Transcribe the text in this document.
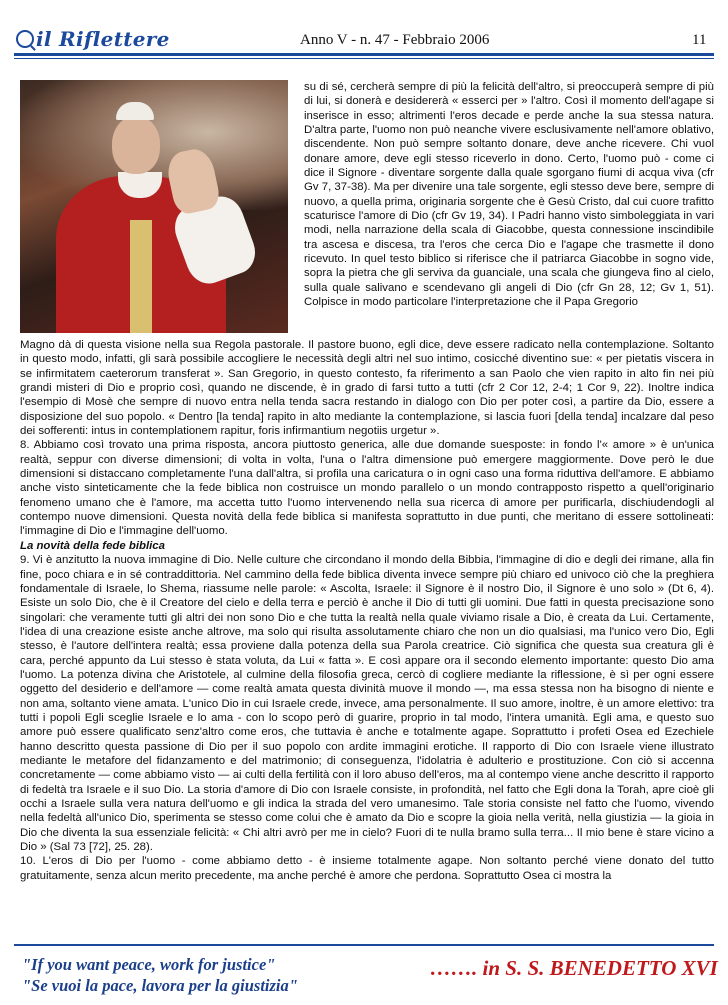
il Riflettere	Anno V - n. 47 - Febbraio 2006	11

su di sé, cercherà sempre di più la felicità dell'altro, si preoccuperà sempre di più di lui, si donerà e desidererà « esserci per » l'altro. Così il momento dell'agape si inserisce in esso; altrimenti l'eros decade e perde anche la sua stessa natura. D'altra parte, l'uomo non può neanche vivere esclusivamente nell'amore oblativo, discendente. Non può sempre soltanto donare, deve anche ricevere. Chi vuol donare amore, deve egli stesso riceverlo in dono. Certo, l'uomo può - come ci dice il Signore - diventare sorgente dalla quale sgorgano fiumi di acqua viva (cfr Gv 7, 37-38). Ma per divenire una tale sorgente, egli stesso deve bere, sempre di nuovo, a quella prima, originaria sorgente che è Gesù Cristo, dal cui cuore trafitto scaturisce l'amore di Dio (cfr Gv 19, 34). I Padri hanno visto simboleggiata in vari modi, nella narrazione della scala di Giacobbe, questa connessione inscindibile tra ascesa e discesa, tra l'eros che cerca Dio e l'agape che trasmette il dono ricevuto. In quel testo biblico si riferisce che il patriarca Giacobbe in sogno vide, sopra la pietra che gli serviva da guanciale, una scala che giungeva fino al cielo, sulla quale salivano e scendevano gli angeli di Dio (cfr Gn 28, 12; Gv 1, 51). Colpisce in modo particolare l'interpretazione che il Papa Gregorio

Magno dà di questa visione nella sua Regola pastorale. Il pastore buono, egli dice, deve essere radicato nella contemplazione. Soltanto in questo modo, infatti, gli sarà possibile accogliere le necessità degli altri nel suo intimo, cosicché diventino sue: « per pietatis viscera in se infirmitatem caeterorum transferat ». San Gregorio, in questo contesto, fa riferimento a san Paolo che vien rapito in alto fin nei più grandi misteri di Dio e proprio così, quando ne discende, è in grado di farsi tutto a tutti (cfr 2 Cor 12, 2-4; 1 Cor 9, 22). Inoltre indica l'esempio di Mosè che sempre di nuovo entra nella tenda sacra restando in dialogo con Dio per poter così, a partire da Dio, essere a disposizione del suo popolo. « Dentro [la tenda] rapito in alto mediante la contemplazione, si lascia fuori [della tenda] incalzare dal peso dei sofferenti: intus in contemplationem rapitur, foris infirmantium negotiis urgetur ».

8. Abbiamo così trovato una prima risposta, ancora piuttosto generica, alle due domande suesposte: in fondo l'« amore » è un'unica realtà, seppur con diverse dimensioni; di volta in volta, l'una o l'altra dimensione può emergere maggiormente. Dove però le due dimensioni si distaccano completamente l'una dall'altra, si profila una caricatura o in ogni caso una forma riduttiva dell'amore. E abbiamo anche visto sinteticamente che la fede biblica non costruisce un mondo parallelo o un mondo contrapposto rispetto a quell'originario fenomeno umano che è l'amore, ma accetta tutto l'uomo intervenendo nella sua ricerca di amore per purificarla, dischiudendogli al contempo nuove dimensioni. Questa novità della fede biblica si manifesta soprattutto in due punti, che meritano di essere sottolineati: l'immagine di Dio e l'immagine dell'uomo.

La novità della fede biblica

9. Vi è anzitutto la nuova immagine di Dio. Nelle culture che circondano il mondo della Bibbia, l'immagine di dio e degli dei rimane, alla fin fine, poco chiara e in sé contraddittoria. Nel cammino della fede biblica diventa invece sempre più chiaro ed univoco ciò che la preghiera fondamentale di Israele, lo Shema, riassume nelle parole: « Ascolta, Israele: il Signore è il nostro Dio, il Signore è uno solo » (Dt 6, 4). Esiste un solo Dio, che è il Creatore del cielo e della terra e perciò è anche il Dio di tutti gli uomini. Due fatti in questa precisazione sono singolari: che veramente tutti gli altri dei non sono Dio e che tutta la realtà nella quale viviamo risale a Dio, è creata da Lui. Certamente, l'idea di una creazione esiste anche altrove, ma solo qui risulta assolutamente chiaro che non un dio qualsiasi, ma l'unico vero Dio, Egli stesso, è l'autore dell'intera realtà; essa proviene dalla potenza della sua Parola creatrice. Ciò significa che questa sua creatura gli è cara, perché appunto da Lui stesso è stata voluta, da Lui « fatta ». E così appare ora il secondo elemento importante: questo Dio ama l'uomo. La potenza divina che Aristotele, al culmine della filosofia greca, cercò di cogliere mediante la riflessione, è sì per ogni essere oggetto del desiderio e dell'amore — come realtà amata questa divinità muove il mondo —, ma essa stessa non ha bisogno di niente e non ama, soltanto viene amata. L'unico Dio in cui Israele crede, invece, ama personalmente. Il suo amore, inoltre, è un amore elettivo: tra tutti i popoli Egli sceglie Israele e lo ama - con lo scopo però di guarire, proprio in tal modo, l'intera umanità. Egli ama, e questo suo amore può essere qualificato senz'altro come eros, che tuttavia è anche e totalmente agape. Soprattutto i profeti Osea ed Ezechiele hanno descritto questa passione di Dio per il suo popolo con ardite immagini erotiche. Il rapporto di Dio con Israele viene illustrato mediante le metafore del fidanzamento e del matrimonio; di conseguenza, l'idolatria è adulterio e prostituzione. Con ciò si accenna concretamente — come abbiamo visto — ai culti della fertilità con il loro abuso dell'eros, ma al contempo viene anche descritto il rapporto di fedeltà tra Israele e il suo Dio. La storia d'amore di Dio con Israele consiste, in profondità, nel fatto che Egli dona la Torah, apre cioè gli occhi a Israele sulla vera natura dell'uomo e gli indica la strada del vero umanesimo. Tale storia consiste nel fatto che l'uomo, vivendo nella fedeltà all'unico Dio, sperimenta se stesso come colui che è amato da Dio e scopre la gioia nella verità, nella giustizia — la gioia in Dio che diventa la sua essenziale felicità: « Chi altri avrò per me in cielo? Fuori di te nulla bramo sulla terra... Il mio bene è stare vicino a Dio » (Sal 73 [72], 25. 28).

10. L'eros di Dio per l'uomo - come abbiamo detto - è insieme totalmente agape. Non soltanto perché viene donato del tutto gratuitamente, senza alcun merito precedente, ma anche perché è amore che perdona. Soprattutto Osea ci mostra la

"If you want peace, work for justice"
"Se vuoi la pace, lavora per la giustizia"
……. in S. S. BENEDETTO XVI
